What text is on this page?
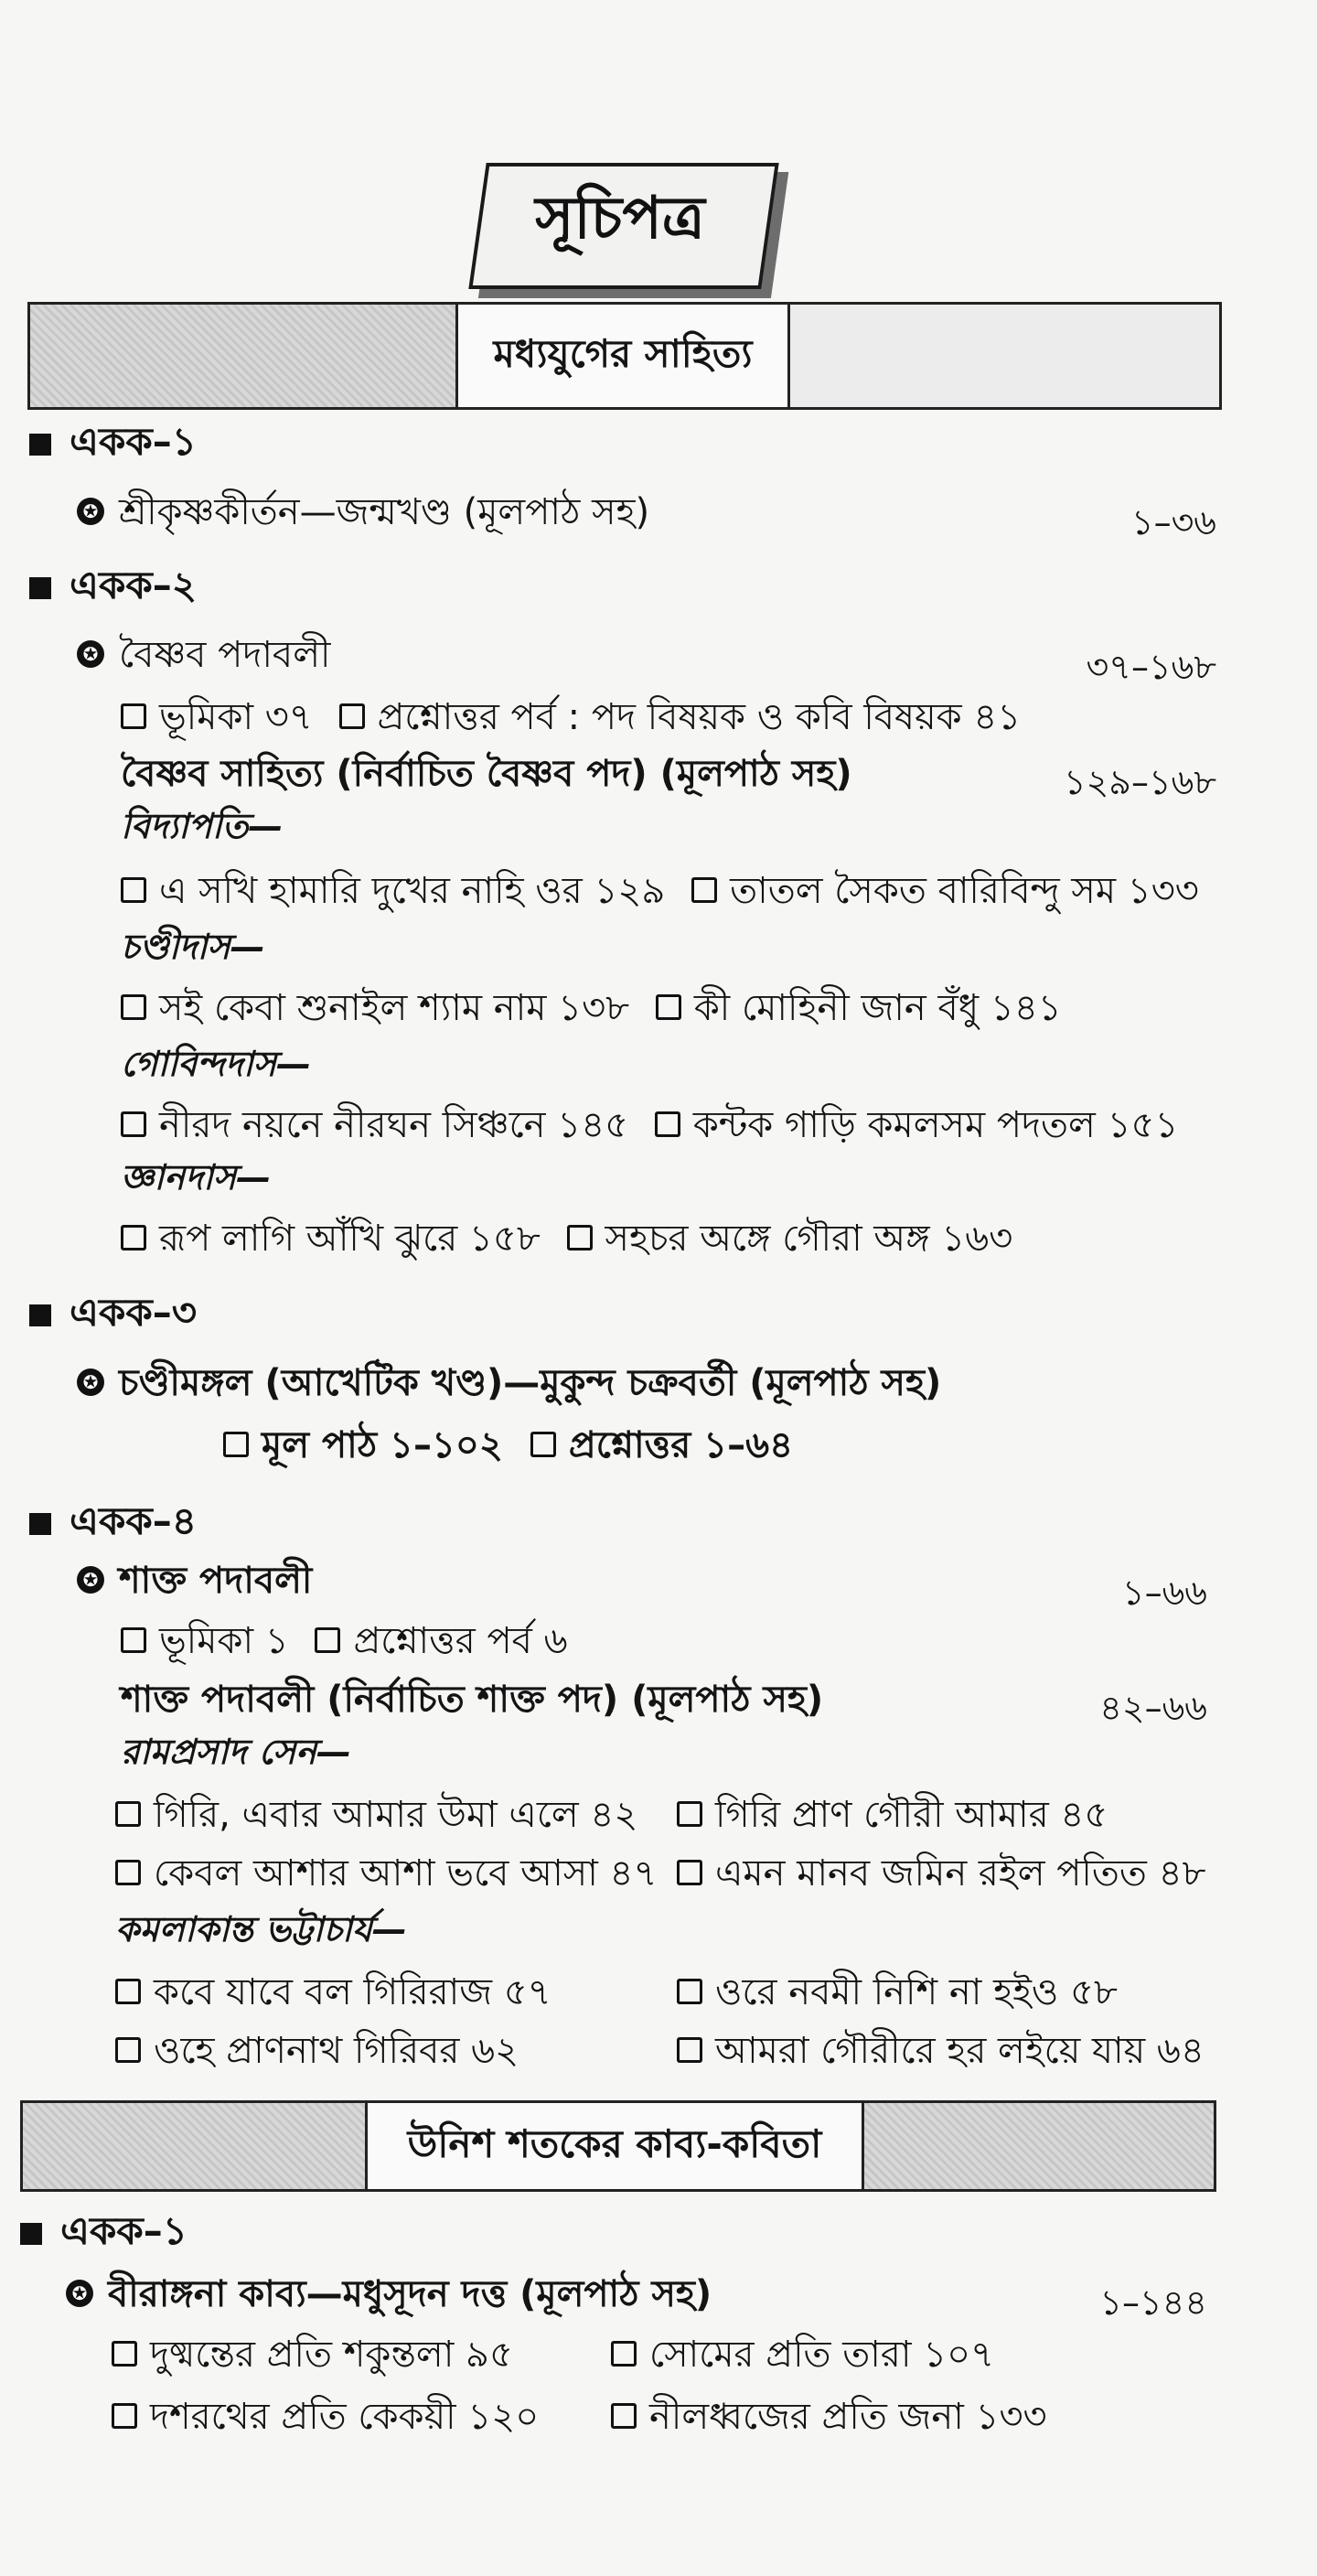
সূচিপত্র
মধ্যযুগের সাহিত্য
একক–১
✪ শ্রীকৃষ্ণকীর্তন—জন্মখণ্ড (মূলপাঠ সহ)	১–৩৬
একক–২
✪ বৈষ্ণব পদাবলী	৩৭–১৬৮
ভূমিকা ৩৭ প্রশ্নোত্তর পর্ব : পদ বিষয়ক ও কবি বিষয়ক ৪১
বৈষ্ণব সাহিত্য (নির্বাচিত বৈষ্ণব পদ) (মূলপাঠ সহ)	১২৯–১৬৮
বিদ্যাপতি—
এ সখি হামারি দুখের নাহি ওর ১২৯ তাতল সৈকত বারিবিন্দু সম ১৩৩
চণ্ডীদাস—
সই কেবা শুনাইল শ্যাম নাম ১৩৮ কী মোহিনী জান বঁধু ১৪১
গোবিন্দদাস—
নীরদ নয়নে নীরঘন সিঞ্চনে ১৪৫ কন্টক গাড়ি কমলসম পদতল ১৫১
জ্ঞানদাস—
রূপ লাগি আঁখি ঝুরে ১৫৮ সহচর অঙ্গে গৌরা অঙ্গ ১৬৩
একক–৩
✪ চণ্ডীমঙ্গল (আখেটিক খণ্ড)—মুকুন্দ চক্রবর্তী (মূলপাঠ সহ)
মূল পাঠ ১–১০২ প্রশ্নোত্তর ১–৬৪
একক–৪
✪ শাক্ত পদাবলী	১–৬৬
ভূমিকা ১ প্রশ্নোত্তর পর্ব ৬
শাক্ত পদাবলী (নির্বাচিত শাক্ত পদ) (মূলপাঠ সহ)	৪২–৬৬
রামপ্রসাদ সেন—
গিরি, এবার আমার উমা এলে ৪২	গিরি প্রাণ গৌরী আমার ৪৫
কেবল আশার আশা ভবে আসা ৪৭	এমন মানব জমিন রইল পতিত ৪৮
কমলাকান্ত ভট্টাচার্য—
কবে যাবে বল গিরিরাজ ৫৭	ওরে নবমী নিশি না হইও ৫৮
ওহে প্রাণনাথ গিরিবর ৬২	আমরা গৌরীরে হর লইয়ে যায় ৬৪
উনিশ শতকের কাব্য-কবিতা
একক–১
✪ বীরাঙ্গনা কাব্য—মধুসূদন দত্ত (মূলপাঠ সহ)	১–১৪৪
দুষ্মন্তের প্রতি শকুন্তলা ৯৫	সোমের প্রতি তারা ১০৭
দশরথের প্রতি কেকয়ী ১২০	নীলধ্বজের প্রতি জনা ১৩৩
